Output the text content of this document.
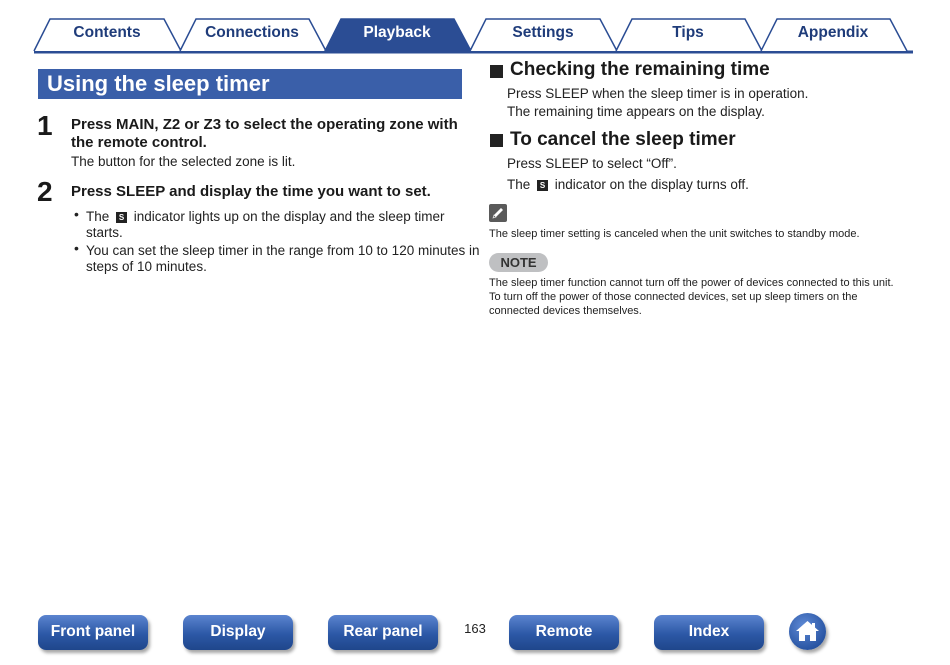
Contents	Connections	Playback	Settings	Tips	Appendix
Using the sleep timer
1 Press MAIN, Z2 or Z3 to select the operating zone with
the remote control.
The button for the selected zone is lit.
2 Press SLEEP and display the time you want to set.
• The S indicator lights up on the display and the sleep timer
starts.
• You can set the sleep timer in the range from 10 to 120 minutes in
steps of 10 minutes.
Checking the remaining time
Press SLEEP when the sleep timer is in operation.
The remaining time appears on the display.
To cancel the sleep timer
Press SLEEP to select “Off”.
The S indicator on the display turns off.
The sleep timer setting is canceled when the unit switches to standby mode.
NOTE
The sleep timer function cannot turn off the power of devices connected to this unit.
To turn off the power of those connected devices, set up sleep timers on the
connected devices themselves.
Front panel	Display	Rear panel	163	Remote	Index
